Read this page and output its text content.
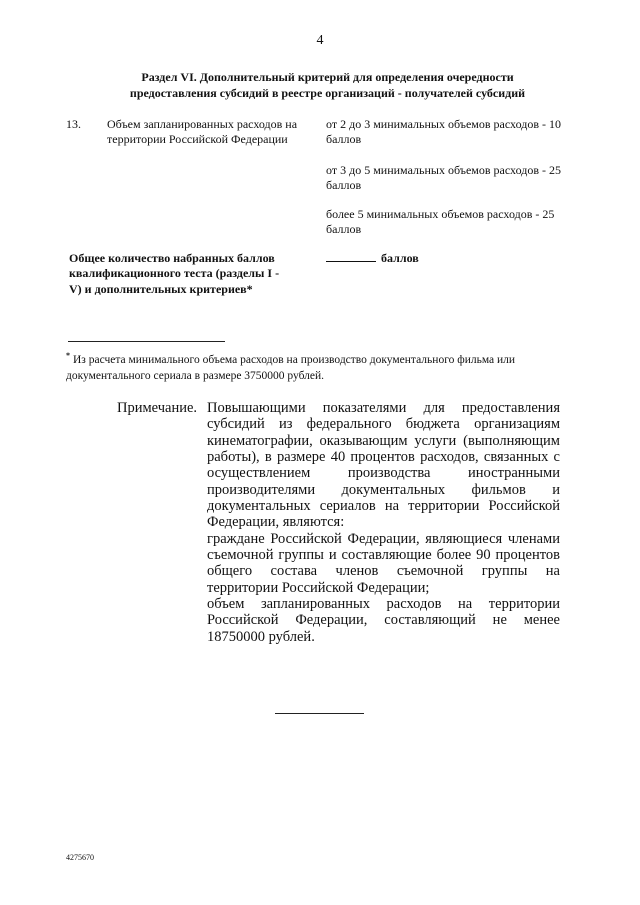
4
Раздел VI. Дополнительный критерий для определения очередности
предоставления субсидий в реестре организаций - получателей субсидий
13. Объем запланированных расходов на территории Российской Федерации
от 2 до 3 минимальных объемов расходов - 10 баллов
от 3 до 5 минимальных объемов расходов - 25 баллов
более 5 минимальных объемов расходов - 25 баллов
Общее количество набранных баллов квалификационного теста (разделы I - V) и дополнительных критериев*
баллов
* Из расчета минимального объема расходов на производство документального фильма или документального сериала в размере 3750000 рублей.
Примечание. Повышающими показателями для предоставления субсидий из федерального бюджета организациям кинематографии, оказывающим услуги (выполняющим работы), в размере 40 процентов расходов, связанных с осуществлением производства иностранными производителями документальных фильмов и документальных сериалов на территории Российской Федерации, являются:

граждане Российской Федерации, являющиеся членами съемочной группы и составляющие более 90 процентов общего состава членов съемочной группы на территории Российской Федерации;

объем запланированных расходов на территории Российской Федерации, составляющий не менее 18750000 рублей.

4275670
